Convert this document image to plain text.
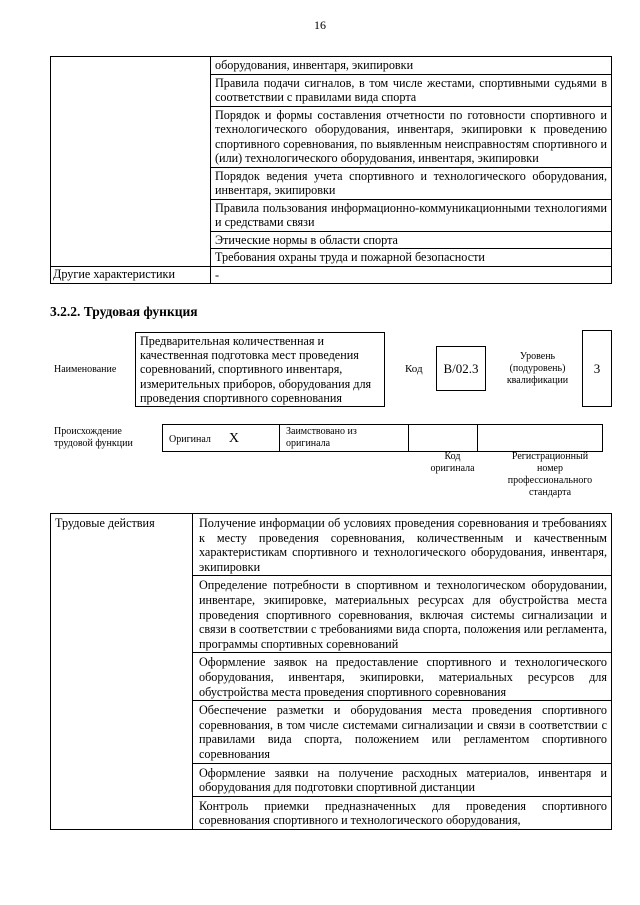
16
	оборудования, инвентаря, экипировки
	Правила подачи сигналов, в том числе жестами, спортивными судьями в соответствии с правилами вида спорта
	Порядок и формы составления отчетности по готовности спортивного и технологического оборудования, инвентаря, экипировки к проведению спортивного соревнования, по выявленным неисправностям спортивного и (или) технологического оборудования, инвентаря, экипировки
	Порядок ведения учета спортивного и технологического оборудования, инвентаря, экипировки
	Правила пользования информационно-коммуникационными технологиями и средствами связи
	Этические нормы в области спорта
	Требования охраны труда и пожарной безопасности
Другие характеристики	-
3.2.2. Трудовая функция
Наименование
Предварительная количественная и качественная подготовка мест проведения соревнований, спортивного инвентаря, измерительных приборов, оборудования для проведения спортивного соревнования
Код B/02.3
Уровень (подуровень) квалификации
3
Происхождение трудовой функции	Оригинал X	Заимствовано из оригинала		
Код оригинала
Регистрационный номер профессионального стандарта
Трудовые действия	Получение информации об условиях проведения соревнования и требованиях к месту проведения соревнования, количественным и качественным характеристикам спортивного и технологического оборудования, инвентаря, экипировки
Определение потребности в спортивном и технологическом оборудовании, инвентаре, экипировке, материальных ресурсах для обустройства места проведения спортивного соревнования, включая системы сигнализации и связи в соответствии с требованиями вида спорта, положения или регламента, программы спортивных соревнований
Оформление заявок на предоставление спортивного и технологического оборудования, инвентаря, экипировки, материальных ресурсов для обустройства места проведения спортивного соревнования
Обеспечение разметки и оборудования места проведения спортивного соревнования, в том числе системами сигнализации и связи в соответствии с правилами вида спорта, положением или регламентом спортивного соревнования
Оформление заявки на получение расходных материалов, инвентаря и оборудования для подготовки спортивной дистанции
Контроль приемки предназначенных для проведения спортивного соревнования спортивного и технологического оборудования,
